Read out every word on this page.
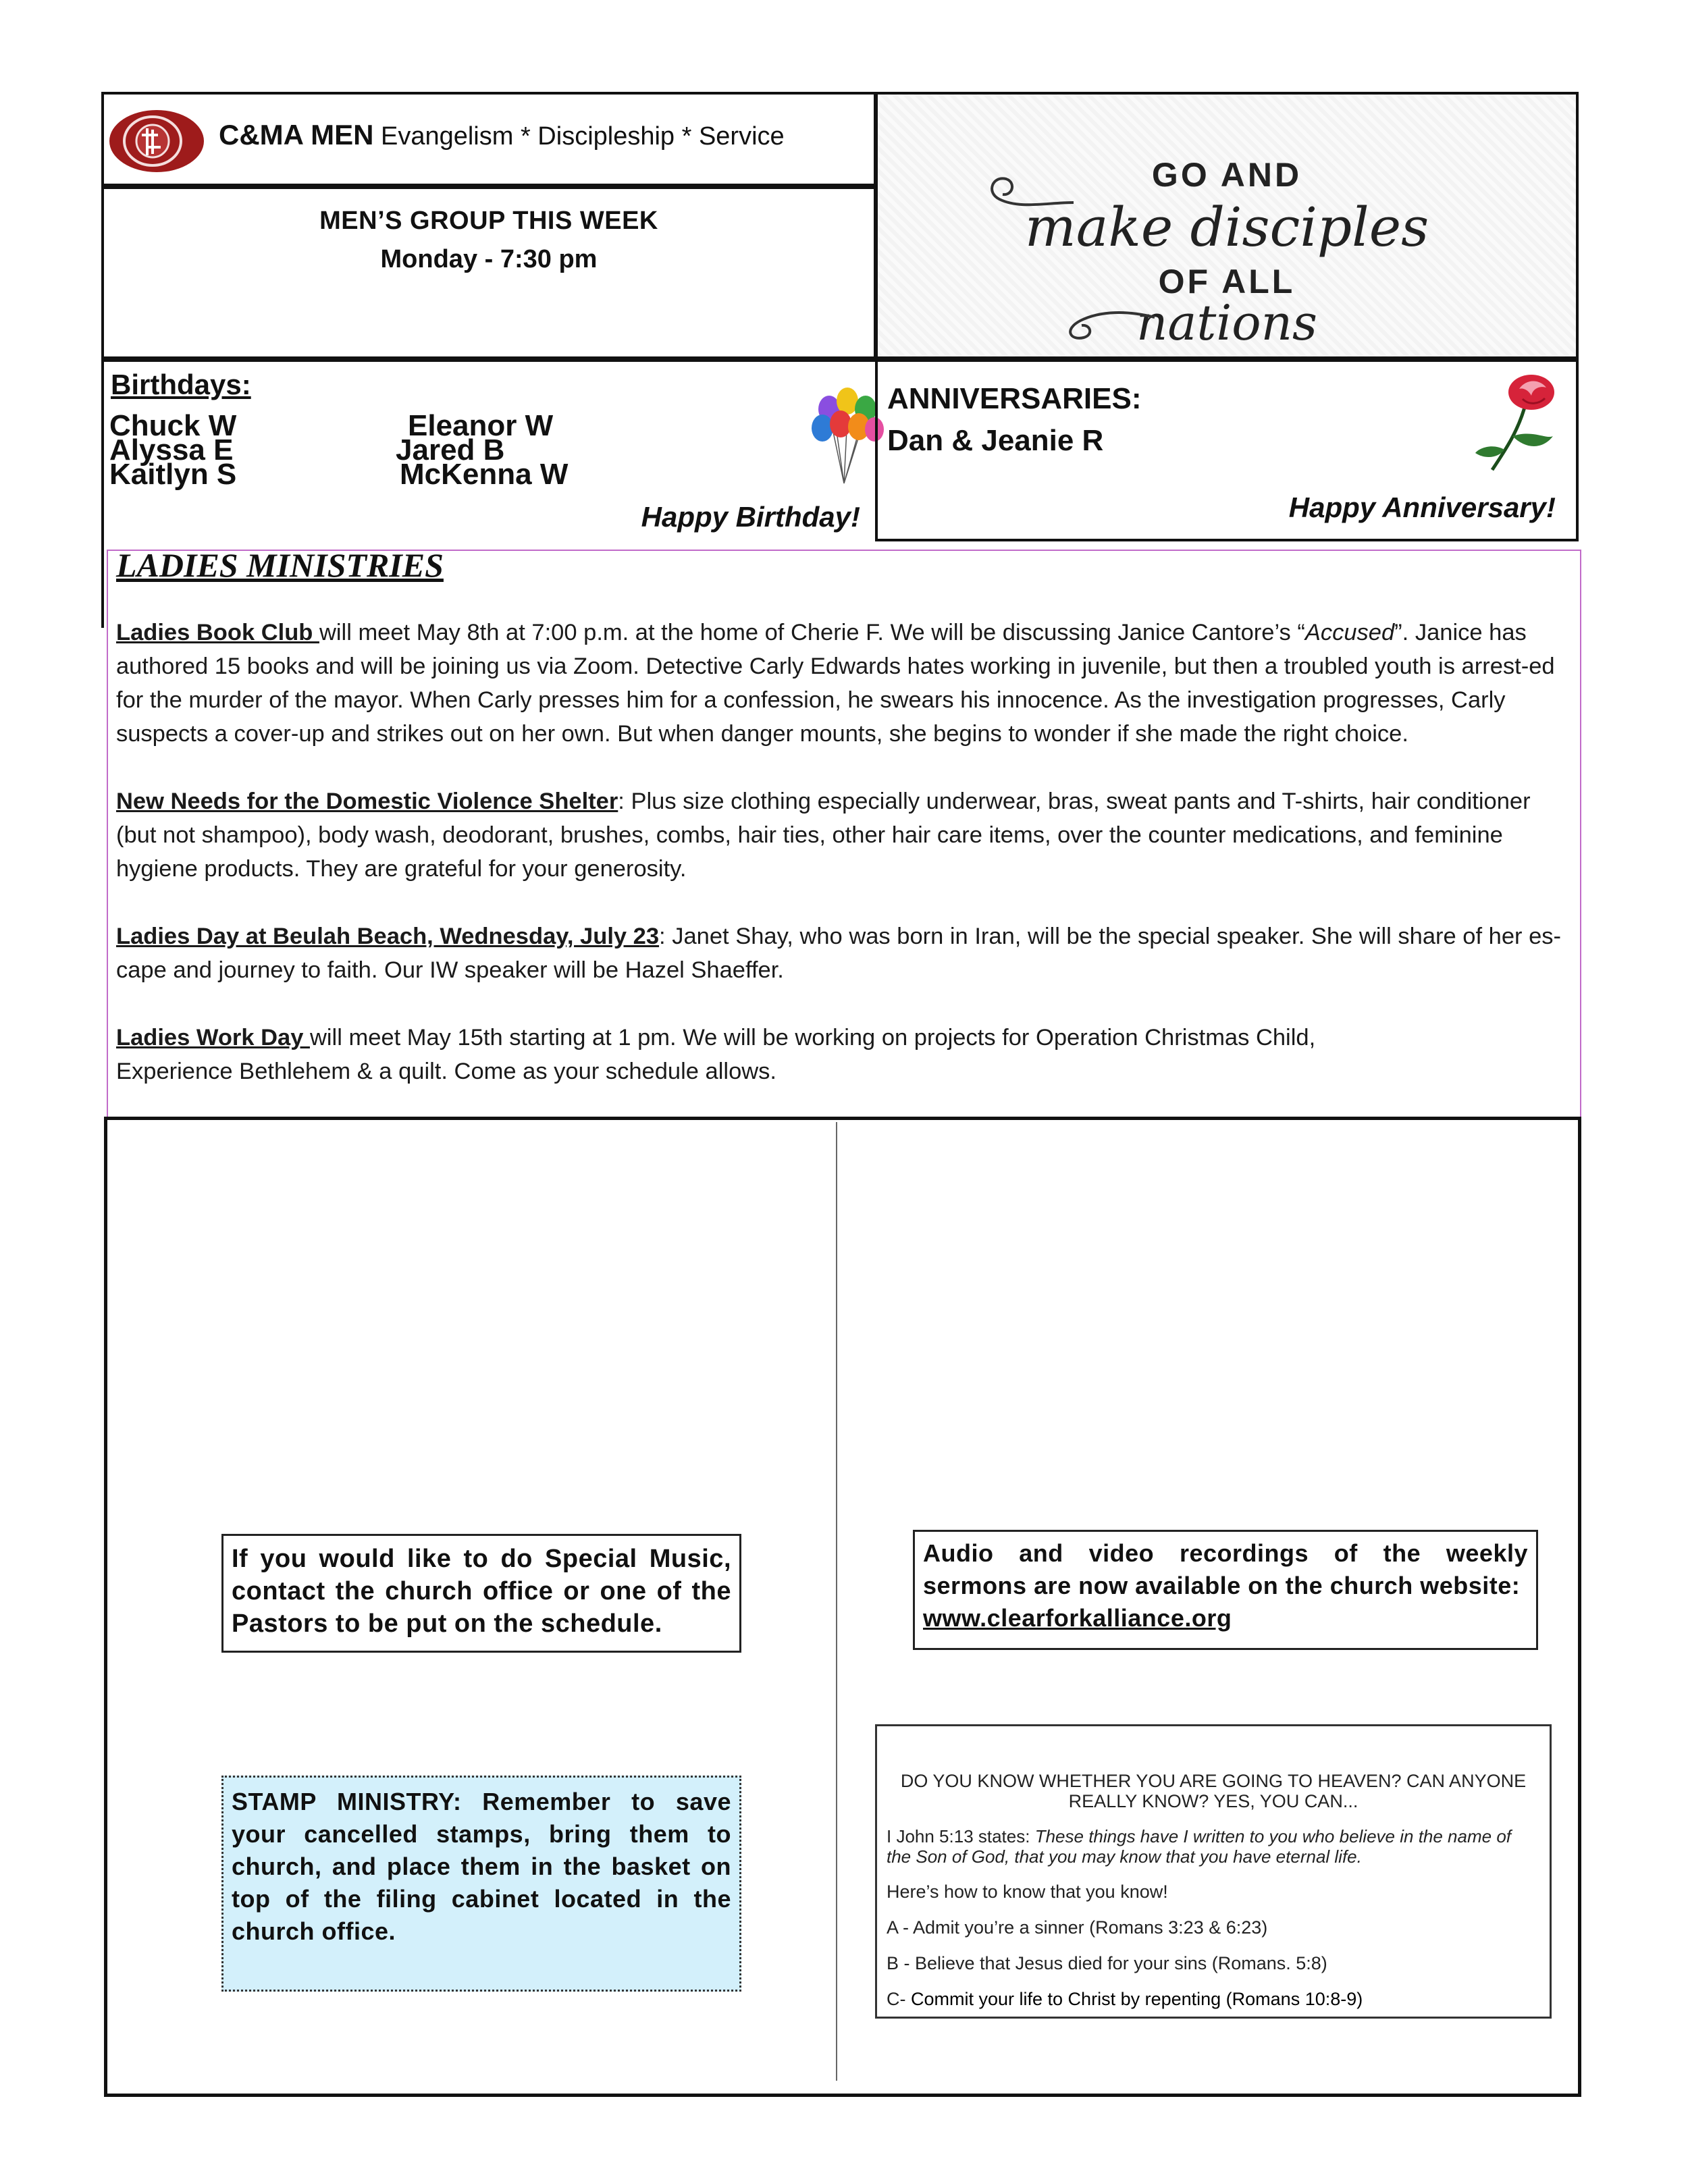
C&MA MEN Evangelism * Discipleship * Service
MEN’S GROUP THIS WEEK
Monday - 7:30 pm
GO AND
make disciples
OF ALL
nations
Birthdays:
Chuck W
Alyssa E
Kaitlyn S
Eleanor W
Jared B
McKenna W
Happy Birthday!
ANNIVERSARIES:
Dan & Jeanie R
Happy Anniversary!
LADIES MINISTRIES

Ladies Book Club will meet May 8th at 7:00 p.m. at the home of Cherie F. We will be discussing Janice Cantore’s “Accused”. Janice has authored 15 books and will be joining us via Zoom. Detective Carly Edwards hates working in juvenile, but then a troubled youth is arrest-ed for the murder of the mayor. When Carly presses him for a confession, he swears his innocence. As the investigation progresses, Carly suspects a cover-up and strikes out on her own. But when danger mounts, she begins to wonder if she made the right choice.

New Needs for the Domestic Violence Shelter: Plus size clothing especially underwear, bras, sweat pants and T-shirts, hair conditioner (but not shampoo), body wash, deodorant, brushes, combs, hair ties, other hair care items, over the counter medications, and feminine hygiene products. They are grateful for your generosity.

Ladies Day at Beulah Beach, Wednesday, July 23: Janet Shay, who was born in Iran, will be the special speaker. She will share of her es-cape and journey to faith. Our IW speaker will be Hazel Shaeffer.

Ladies Work Day will meet May 15th starting at 1 pm. We will be working on projects for Operation Christmas Child,
Experience Bethlehem & a quilt. Come as your schedule allows.

If you would like to do Special Music, contact the church office or one of the Pastors to be put on the schedule.
Audio and video recordings of the weekly sermons are now available on the church website:
www.clearforkalliance.org
STAMP MINISTRY: Remember to save your cancelled stamps, bring them to church, and place them in the basket on top of the filing cabinet located in the church office.
DO YOU KNOW WHETHER YOU ARE GOING TO HEAVEN? CAN ANYONE REALLY KNOW? YES, YOU CAN...
I John 5:13 states: These things have I written to you who believe in the name of the Son of God, that you may know that you have eternal life.
Here’s how to know that you know!
A - Admit you’re a sinner (Romans 3:23 & 6:23)
B - Believe that Jesus died for your sins (Romans. 5:8)
C- Commit your life to Christ by repenting (Romans 10:8-9)
